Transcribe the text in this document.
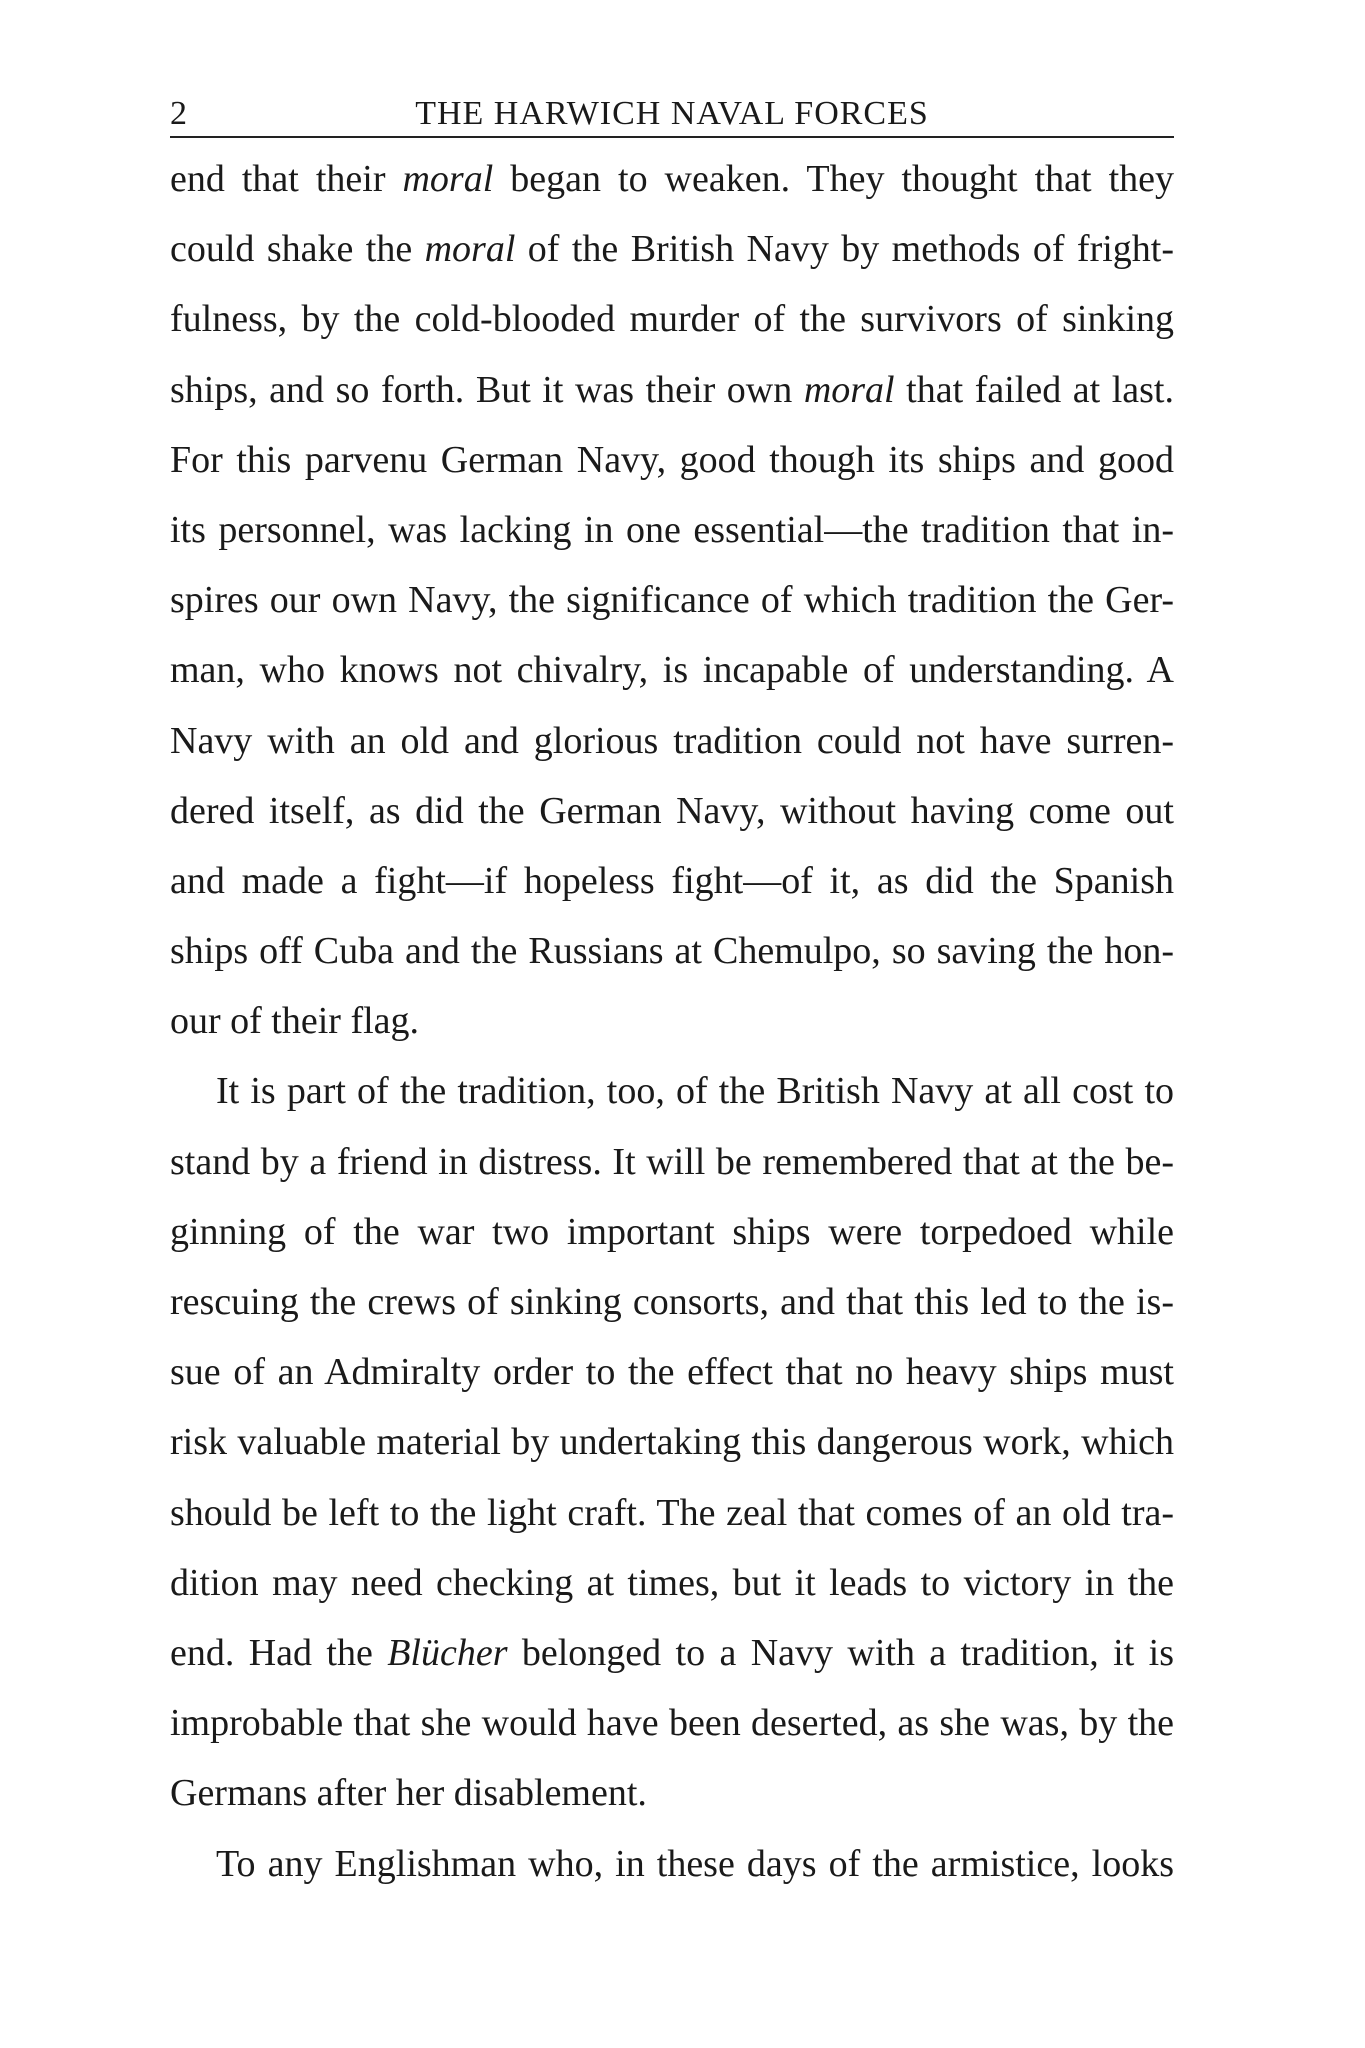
2	THE HARWICH NAVAL FORCES
end that their moral began to weaken. They thought that they
could shake the moral of the British Navy by methods of fright-
fulness, by the cold-blooded murder of the survivors of sinking
ships, and so forth. But it was their own moral that failed at last.
For this parvenu German Navy, good though its ships and good
its personnel, was lacking in one essential—the tradition that in-
spires our own Navy, the significance of which tradition the Ger-
man, who knows not chivalry, is incapable of understanding. A
Navy with an old and glorious tradition could not have surren-
dered itself, as did the German Navy, without having come out
and made a fight—if hopeless fight—of it, as did the Spanish
ships off Cuba and the Russians at Chemulpo, so saving the hon-
our of their flag.
It is part of the tradition, too, of the British Navy at all cost to
stand by a friend in distress. It will be remembered that at the be-
ginning of the war two important ships were torpedoed while
rescuing the crews of sinking consorts, and that this led to the is-
sue of an Admiralty order to the effect that no heavy ships must
risk valuable material by undertaking this dangerous work, which
should be left to the light craft. The zeal that comes of an old tra-
dition may need checking at times, but it leads to victory in the
end. Had the Blücher belonged to a Navy with a tradition, it is
improbable that she would have been deserted, as she was, by the
Germans after her disablement.
To any Englishman who, in these days of the armistice, looks
